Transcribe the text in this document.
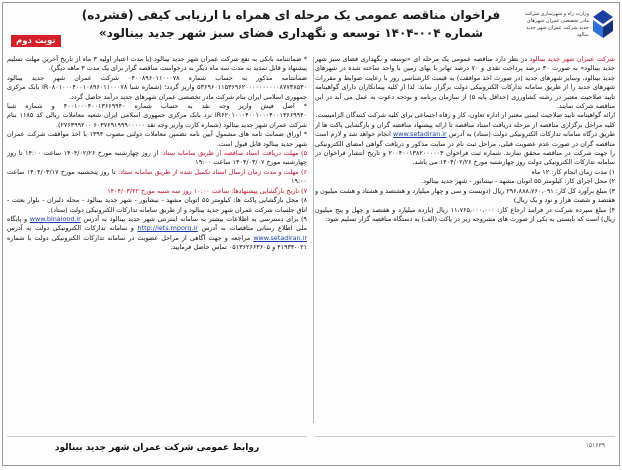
وزارت راه و شهرسازی شرکت مادر تخصصی عمران شهرهای جدید شرکت عمران شهر جدید بینالود
فراخوان مناقصه عمومی یک مرحله ای همراه با ارزیابی کیفی (فشرده)
شماره ۰۰۴-۱۴۰۴ توسعه و نگهداری فضای سبز شهر جدید بینالود»
نوبت دوم

شرکت عمران شهر جدید بینالود در نظر دارد مناقصه عمومی یک مرحله ای «توسعه و نگهداری فضای سبز شهر جدید بینالود» به صورت ۳۰ درصد پرداخت نقدی و ۷۰ درصد تهاتر با بهای زمین با واحد ساخته شده در شهرهای جدید بینالود، وسایر شهرهای جدید (در صورت اخذ موافقت) به قیمت کارشناسی روز با رعایت ضوابط و مقررات شهرهای جدید را از طریق سامانه تدارکات الکترونیکی دولت برگزار نماید. لذا از کلیه پیمانکاران دارای گواهینامه تایید صلاحیت معتبر در رشته کشاورزی (حداقل پایه ۵) از سازمان برنامه و بودجه دعوت به عمل می آید در این مناقصه شرکت نمایند.

ارائه گواهینامه تایید صلاحیت ایمنی معتبر از اداره تعاون، کار و رفاه اجتماعی برای کلیه شرکت کنندگان الزامیست.

کلیه مراحل برگزاری مناقصه از مرحله دریافت اسناد مناقصه تا ارائه پیشنهاد مناقصه گران و بازگشایی پاکت ها از طریق درگاه سامانه تدارکات الکترونیکی دولت (ستاد) به آدرس www.setadiran.ir انجام خواهد شد و لازم است مناقصه گران در صورت عدم عضویت قبلی، مراحل ثبت نام در سایت مذکور و دریافت گواهی امضای الکترونیکی را جهت شرکت در مناقصه محقق سازند. شماره ثبت فراخوان ۲۰۰۴۰۰۱۳۸۲۰۰۰۰۰۳ و تاریخ انتشار فراخوان در سامانه تدارکات الکترونیکی دولت روز چهارشنبه مورخ ۱۴۰۴/۰۲/۲۶ می باشد.

۱) مدت زمان انجام کار: ۱۲ ماه

۲) محل اجرای کار: کیلومتر ۵۵ اتوبان مشهد - نیشابور - شهر جدید بینالود.

۳) مبلغ برآورد کل کار: ۲۹۶،۸۸۸،۷۶۰،۰۹۱ ریال (دویست و سی و چهار میلیارد و هشتصد و هشتاد و هشت میلیون و هفتصد و شصت هزار و نود و یک ریال)

۴) مبلغ سپرده شرکت در فرایند ارجاع کار: ۱۱،۷۶۵،۰۰۰،۰۰۰ ریال (یازده میلیارد و هفتصد و چهل و پنج میلیون ریال) است که بایستی به یکی از صورت های مشروحه زیر در پاکت (الف) به دستگاه مناقصه گزار تسلیم شود:

* ضمانتنامه بانکی به نفع شرکت عمران شهر جدید بینالود (با مدت اعتبار اولیه ۳ ماه از تاریخ آخرین مهلت تسلیم پیشنهاد و قابل تمدید به مدت سه ماه دیگر به درخواست مناقصه گزار برای یک مدت ۳ ماهه دیگر).

ضمانتنامه مذکور به حساب شماره ۰۴۰۰۸۹۶۰۱۱۰۰۰۷۸ شرکت عمران شهر جدید بینالود ۵۳۶۹۶۰۱۱۵۳۶۹۶۲۰۰۰۰۰۰۰۰۰۰۸۷۷۳۸۵۳۰ واریز گردد؛ (شماره شبا IR۰۸۰۱۰۰۰۴۰۰۱۰۸۹۶۰۱۱۰۰۰۷۸ بانک مرکزی جمهوری اسلامی ایران بنام شرکت مادر تخصصی عمران شهرهای جدید درآمد حاصل گردد.

* اصل فیش واریز وجه نقد به حساب شماره ۴۰۰۱۰۰۰۴۰۰۱۳۶۶۹۹۴۰ و شماره شبا IR۶۲۰۱۰۰۰۴۰۰۱۰۰۰۴۰۰۱۳۶۶۹۹۴۰ نزد بانک مرکزی جمهوری اسلامی ایران شعبه معاملات ریالی کد ۱۱۸۵ بنام شرکت عمران شهر جدید بینالود (شماره کارت واریز وجه نقد ۶۰۳۷۶۹۱۹۹۹۰۰۰۰۰ ۲۷۶۳۹۹۲۰۰).

* اوراق ضمانت نامه های مشمول آیین نامه تضمین معاملات دولتی مصوب ۱۳۹۴ با اخذ موافقت شرکت عمران شهر جدید بینالود قابل قبول است.

۵) مهلت دریافت اسناد مناقصه از طریق سامانه ستاد: از روز چهارشنبه مورخ ۱۴۰۴/۰۲/۲۶ ساعت ۱۴:۰۰ تا روز چهارشنبه مورخ ۱۴۰۴/۰۳/۰۷ ساعت ۱۹:۰۰

۶) مهلت و مدت زمان ارسال اسناد تکمیل شده از طریق سامانه ستاد: تا روز پنجشنبه مورخ ۱۴۰۴/۰۳/۱۷ ساعت ۱۹:۰۰

۷) تاریخ بازگشایی پیشنهادها: ساعت ۱۰:۰۰ روز سه شنبه مورخ ۱۴۰۴/۰۳/۲۲

۸) محل بازگشایی پاکت ها: کیلومتر ۵۵ اتوبان مشهد - نیشابور - شهر جدید بینالود - محله دلبران - بلوار بعثت - اتاق جلسات شرکت عمران شهر جدید بینالود و از طریق سامانه تدارکات الکترونیکی دولت (ستاد).

۹) برای دسترسی به اطلاعات بیشتر به سامانه اینترنتی شهر جدید بینالود به آدرس www.binalood.ir و پایگاه ملی اطلاع رسانی مناقصات به آدرس http://iets.mporg.ir و سامانه تدارکات الکترونیکی دولت به آدرس www.setadiran.ir مراجعه و جهت آگاهی از مراحل عضویت در سامانه تدارکات الکترونیکی دولت با شماره ۰۲۱-۴۱۹۳۴ و ۰۵۱۳۶۲۶۶۳۶۰۵ تماس حاصل فرمایید.

۱۵۱۶۳۹
روابط عمومی شرکت عمران شهر جدید بینالود
